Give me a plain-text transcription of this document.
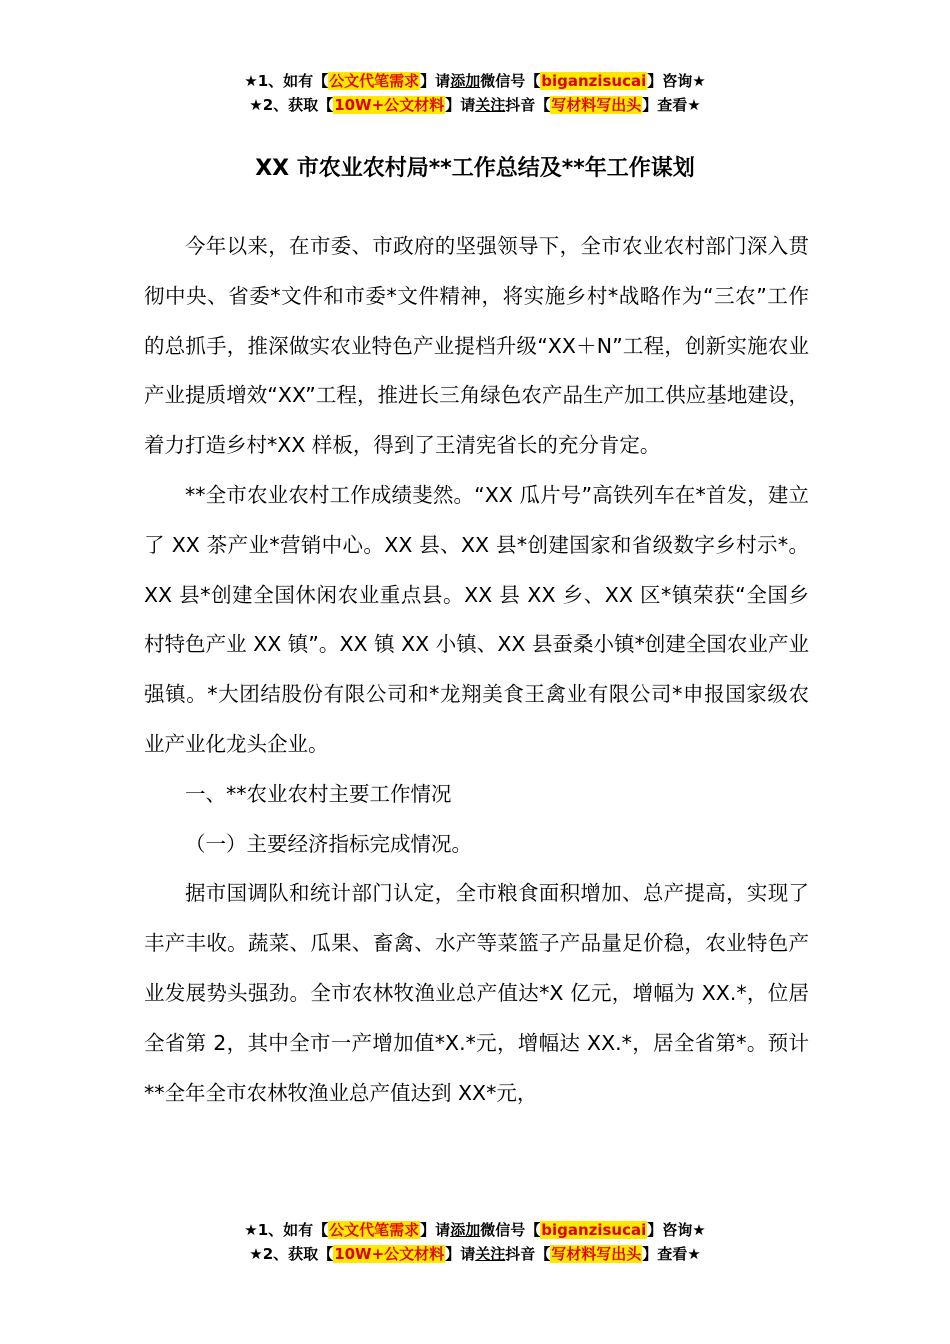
★1、如有【公文代笔需求】请添加微信号【biganzisucai】咨询★
★2、获取【10W+公文材料】请关注抖音【写材料写出头】查看★
XX 市农业农村局**工作总结及**年工作谋划

今年以来，在市委、市政府的坚强领导下，全市农业农村部门深入贯彻中央、省委*文件和市委*文件精神，将实施乡村*战略作为“三农”工作的总抓手，推深做实农业特色产业提档升级“XX＋N”工程，创新实施农业产业提质增效“XX”工程，推进长三角绿色农产品生产加工供应基地建设，着力打造乡村*XX 样板，得到了王清宪省长的充分肯定。

**全市农业农村工作成绩斐然。“XX 瓜片号”高铁列车在*首发，建立了 XX 茶产业*营销中心。XX 县、XX 县*创建国家和省级数字乡村示*。XX 县*创建全国休闲农业重点县。XX 县 XX 乡、XX 区*镇荣获“全国乡村特色产业 XX 镇”。XX 镇 XX 小镇、XX 县蚕桑小镇*创建全国农业产业强镇。*大团结股份有限公司和*龙翔美食王禽业有限公司*申报国家级农业产业化龙头企业。

一、**农业农村主要工作情况

（一）主要经济指标完成情况。

据市国调队和统计部门认定，全市粮食面积增加、总产提高，实现了丰产丰收。蔬菜、瓜果、畜禽、水产等菜篮子产品量足价稳，农业特色产业发展势头强劲。全市农林牧渔业总产值达*X 亿元，增幅为 XX.*，位居全省第 2，其中全市一产增加值*X.*元，增幅达 XX.*，居全省第*。预计**全年全市农林牧渔业总产值达到 XX*元，

★1、如有【公文代笔需求】请添加微信号【biganzisucai】咨询★
★2、获取【10W+公文材料】请关注抖音【写材料写出头】查看★
